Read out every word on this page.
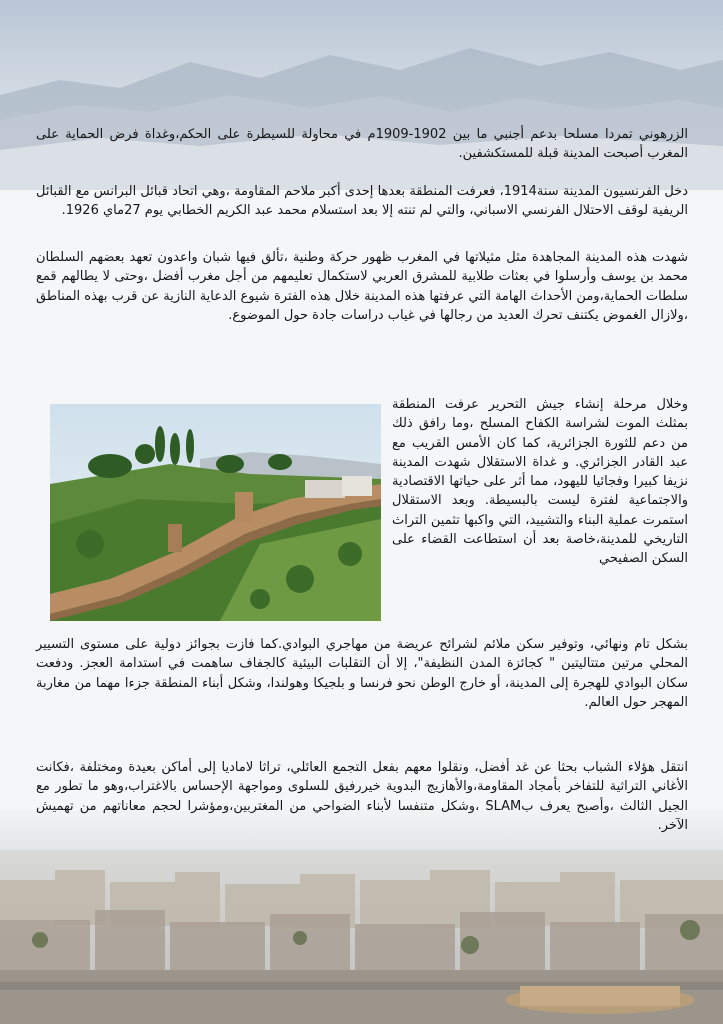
الزرهوني تمردا مسلحا بدعم أجنبي ما بين 1902-1909م في محاولة للسيطرة على الحكم،وغداة فرض الحماية على المغرب أصبحت المدينة قبلة للمستكشفين.

دخل الفرنسيون المدينة سنة1914، فعرفت المنطقة بعدها إحدى أكبر ملاحم المقاومة ،وهي اتحاد قبائل البرانس مع القبائل الريفية لوقف الاحتلال الفرنسي الاسباني، والتي لم تنته إلا بعد استسلام محمد عبد الكريم الخطابي يوم 27ماي 1926.

شهدت هذه المدينة المجاهدة مثل مثيلاتها في المغرب ظهور حركة وطنية ،تألق فيها شبان واعدون تعهد بعضهم السلطان محمد بن يوسف وأرسلوا في بعثات طلابية للمشرق العربي لاستكمال تعليمهم من أجل مغرب أفضل ،وحتى لا يطالهم قمع سلطات الحماية،ومن الأحداث الهامة التي عرفتها هذه المدينة خلال هذه الفترة شيوع الدعاية النازية عن قرب بهذه المناطق ،ولازال الغموض يكتنف تحرك العديد من رجالها في غياب دراسات جادة حول الموضوع.

وخلال مرحلة إنشاء جيش التحرير عرفت المنطقة بمثلث الموت لشراسة الكفاح المسلح ،وما رافق ذلك من دعم للثورة الجزائرية، كما كان الأمس القريب مع عبد القادر الجزائري. و غداة الاستقلال شهدت المدينة نزيفا كبيرا وفجائيا لليهود، مما أثر على حياتها الاقتصادية والاجتماعية لفترة ليست بالبسيطة. وبعد الاستقلال استمرت عملية البناء والتشييد، التي واكبها تثمين التراث التاريخي للمدينة،خاصة بعد أن استطاعت القضاء على السكن الصفيحي

بشكل تام ونهائي، وتوفير سكن ملائم لشرائح عريضة من مهاجري البوادي.كما فازت بجوائز دولية على مستوى التسيير المحلي مرتين متتاليتين " كجائزة المدن النظيفة"، إلا أن التقلبات البيئية كالجفاف ساهمت في استدامة العجز. ودفعت سكان البوادي للهجرة إلى المدينة، أو خارج الوطن نحو فرنسا و بلجيكا وهولندا، وشكل أبناء المنطقة جزءا مهما من مغاربة المهجر حول العالم.

انتقل هؤلاء الشباب بحثا عن غد أفضل، ونقلوا معهم بفعل التجمع العائلي، تراثا لاماديا إلى أماكن بعيدة ومختلفة ،فكانت الأغاني التراثية للتفاخر بأمجاد المقاومة،والأهازيج البدوية خيررفيق للسلوى ومواجهة الإحساس بالاغتراب،وهو ما تطور مع الجيل الثالث ،وأصبح يعرف بSLAM ،وشكل متنفسا لأبناء الضواحي من المغتربين،ومؤشرا لحجم معاناتهم من تهميش الآخر.
